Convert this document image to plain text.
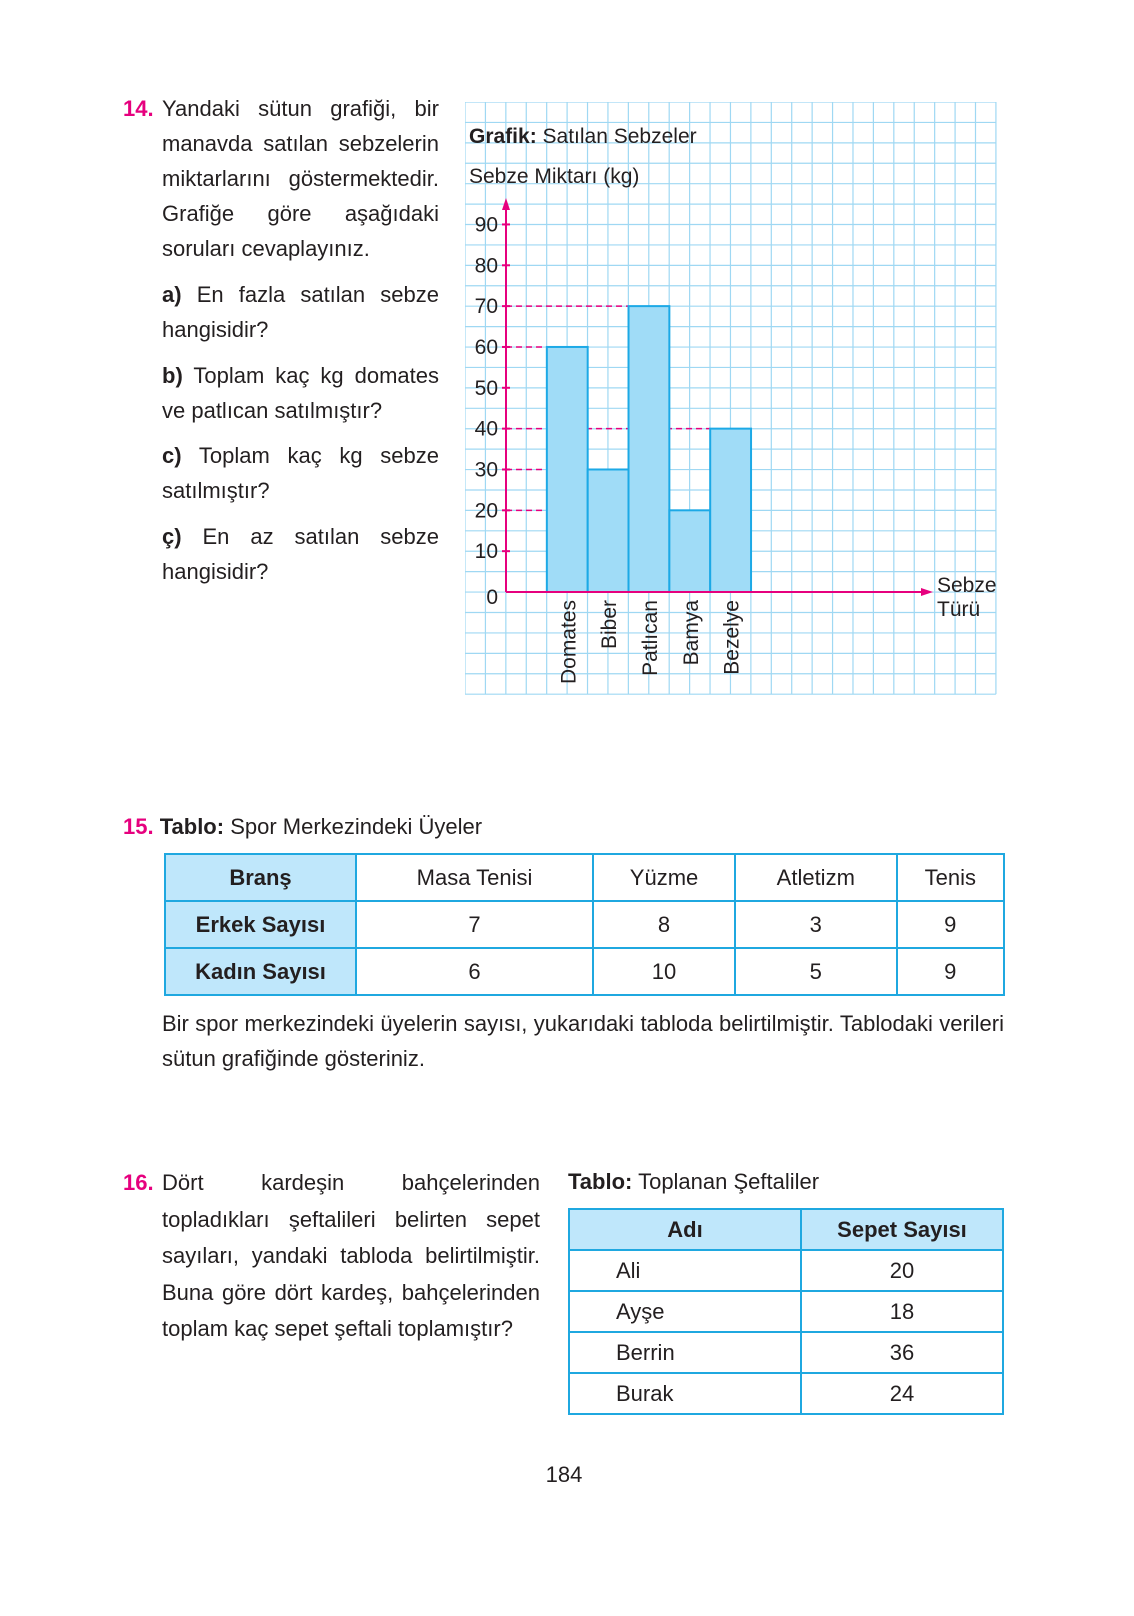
14. Yandaki sütun grafiği, bir manavda satılan sebzelerin miktarlarını göstermektedir. Grafiğe göre aşağıdaki soruları cevaplayınız.
a) En fazla satılan sebze hangisidir?
b) Toplam kaç kg domates ve patlıcan satılmıştır?
c) Toplam kaç kg sebze satılmıştır?
ç) En az satılan sebze hangisidir?
Grafik: Satılan Sebzeler
Sebze Miktarı (kg)
0
10
20
30
40
50
60
70
80
90
Domates Biber Patlıcan Bamya Bezelye
Sebze
Türü
15. Tablo: Spor Merkezindeki Üyeler
Branş	Masa Tenisi	Yüzme	Atletizm	Tenis
Erkek Sayısı	7	8	3	9
Kadın Sayısı	6	10	5	9
Bir spor merkezindeki üyelerin sayısı, yukarıdaki tabloda belirtilmiştir. Tablodaki verileri sütun grafiğinde gösteriniz.
16. Dört kardeşin bahçelerinden topladıkları şeftalileri belirten sepet sayıları, yandaki tabloda belirtilmiştir. Buna göre dört kardeş, bahçelerinden toplam kaç sepet şeftali toplamıştır?
Tablo: Toplanan Şeftaliler
Adı	Sepet Sayısı
Ali	20
Ayşe	18
Berrin	36
Burak	24
184
